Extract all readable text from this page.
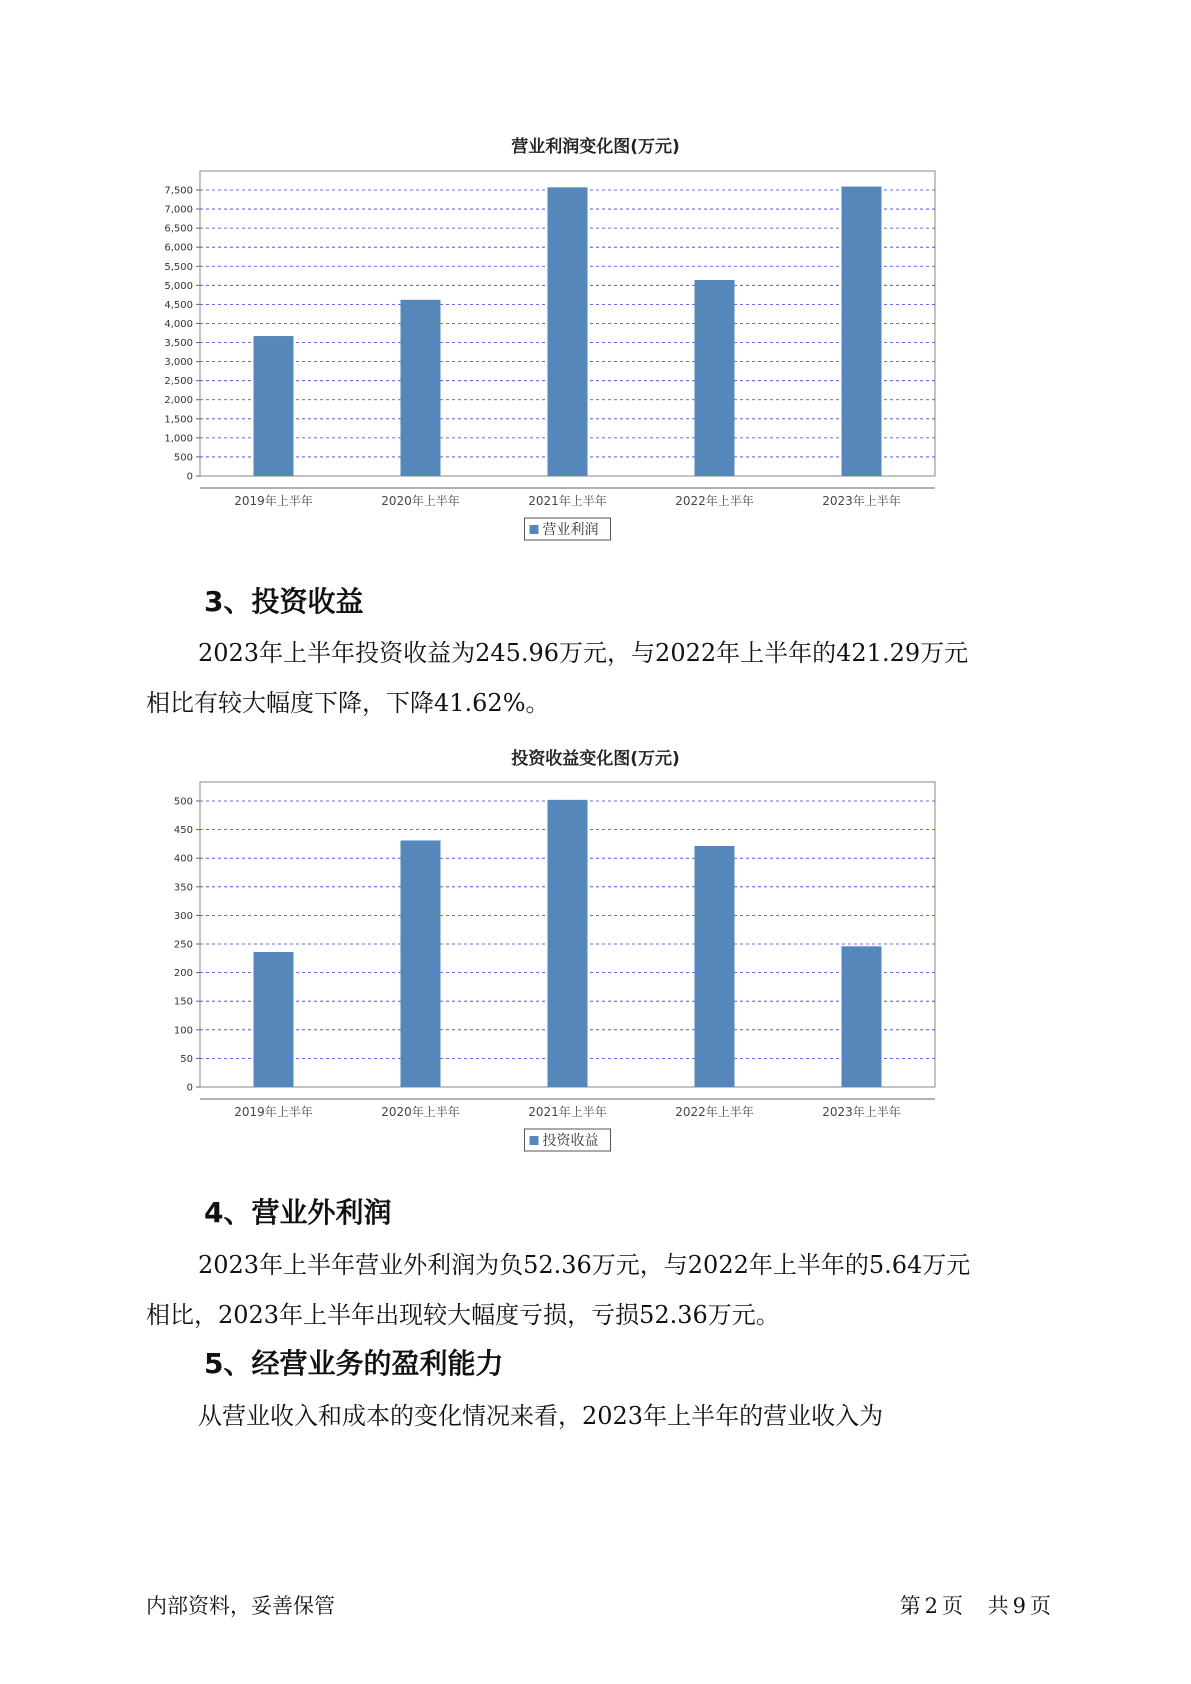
营业利润变化图(万元)
0
500
1,000
1,500
2,000
2,500
3,000
3,500
4,000
4,500
5,000
5,500
6,000
6,500
7,000
7,500
2019年上半年	2020年上半年	2021年上半年	2022年上半年	2023年上半年
营业利润
3、投资收益
2023年上半年投资收益为245.96万元，与2022年上半年的421.29万元
相比有较大幅度下降，下降41.62%。
投资收益变化图(万元)
0
50
100
150
200
250
300
350
400
450
500
2019年上半年	2020年上半年	2021年上半年	2022年上半年	2023年上半年
投资收益
4、营业外利润
2023年上半年营业外利润为负52.36万元，与2022年上半年的5.64万元
相比，2023年上半年出现较大幅度亏损，亏损52.36万元。
5、经营业务的盈利能力
从营业收入和成本的变化情况来看，2023年上半年的营业收入为
内部资料，妥善保管	第 2 页 共 9 页
